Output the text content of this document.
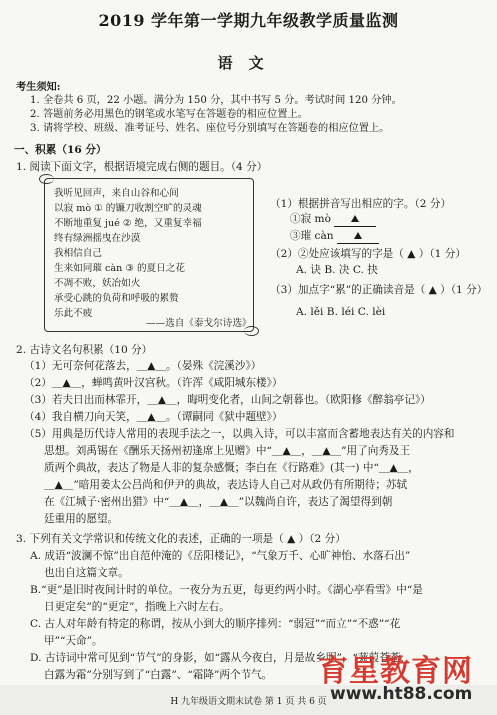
2019 学年第一学期九年级教学质量监测
语文
考生须知:
1. 全卷共 6 页，22 小题。满分为 150 分，其中书写 5 分。考试时间 120 分钟。
2. 答题前务必用黑色的钢笔或水笔写在答题卷的相应位置上。
3. 请将学校、班级、准考证号、姓名、座位号分别填写在答题卷的相应位置上。
一、积累（16 分）
1. 阅读下面文字，根据语境完成右侧的题目。（4 分）
我听见回声，来自山谷和心间
以寂 mò ① 的镰刀收割空旷的灵魂
不断地重复 jué ② 绝，又重复幸福
终有绿洲摇曳在沙漠
我相信自己
生来如同璀 càn ③ 的夏日之花
不凋不败，妖冶如火
承受心跳的负荷和呼吸的累赘
乐此不疲
——选自《泰戈尔诗选》
（1）根据拼音写出相应的字。（2 分）
①寂 mò
③璀 càn
（2）②处应该填写的字是（ ▲ ）（1 分）
A. 诀 B. 决 C. 抉
（3）加点字“累”的正确读音是（ ▲ ）（1 分）
A. lěi B. léi C. lèi
2. 古诗文名句积累（10 分）
（1）无可奈何花落去，＿▲＿。（晏殊《浣溪沙》）
（2）＿▲＿，蝉鸣黄叶汉宫秋。（许浑《咸阳城东楼》）
（3）若夫日出而林霏开，＿▲＿，晦明变化者，山间之朝暮也。（欧阳修《醉翁亭记》）
（4）我自横刀向天笑，＿▲＿。（谭嗣同《狱中题壁》）
（5）用典是历代诗人常用的表现手法之一，以典入诗，可以丰富而含蓄地表达有关的内容和
思想。刘禹锡在《酬乐天扬州初逢席上见赠》中“＿▲＿，＿▲＿”用了向秀及王
质两个典故，表达了物是人非的复杂感慨；李白在《行路难》(其一) 中“＿▲＿，
＿▲＿”暗用姜太公吕尚和伊尹的典故，表达诗人自己对从政仍有所期待；苏轼
在《江城子·密州出猎》中“＿▲＿，＿▲＿”以魏尚自许，表达了渴望得到朝
廷重用的愿望。
3. 下列有关文学常识和传统文化的表述，正确的一项是（ ▲ ）（2 分）
A. 成语“波澜不惊”出自范仲淹的《岳阳楼记》，“气象万千、心旷神怡、水落石出”
也出自这篇文章。
B.“更”是旧时夜间计时的单位。一夜分为五更，每更约两小时。《湖心亭看雪》中“是
日更定矣”的“更定”，指晚上六时左右。
C. 古人对年龄有特定的称谓，按从小到大的顺序排列：“弱冠”“而立”“不惑”“花
甲”“天命”。
D. 古诗词中常可见到“节气”的身影，如“露从今夜白，月是故乡明”，“蒹葭苍苍，
白露为霜”分别写到了“白露”、“霜降”两个节气。
H 九年级语文期末试卷 第 1 页 共 6 页
育星教育网
www.ht88.com
